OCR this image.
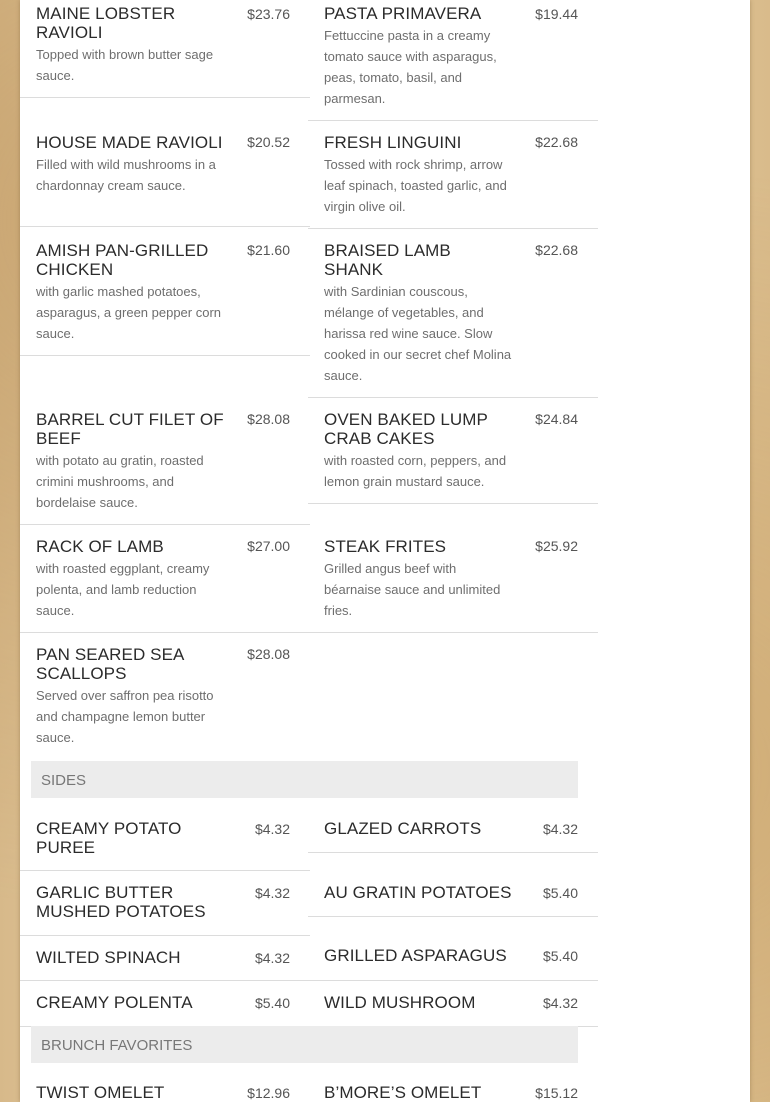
MAINE LOBSTER RAVIOLI
Topped with brown butter sage sauce.
$23.76
HOUSE MADE RAVIOLI
Filled with wild mushrooms in a chardonnay cream sauce.
$20.52
AMISH PAN-GRILLED CHICKEN
with garlic mashed potatoes, asparagus, a green pepper corn sauce.
$21.60
BARREL CUT FILET OF BEEF
with potato au gratin, roasted crimini mushrooms, and bordelaise sauce.
$28.08
RACK OF LAMB
with roasted eggplant, creamy polenta, and lamb reduction sauce.
$27.00
PAN SEARED SEA SCALLOPS
Served over saffron pea risotto and champagne lemon butter sauce.
$28.08
PASTA PRIMAVERA
Fettuccine pasta in a creamy tomato sauce with asparagus, peas, tomato, basil, and parmesan.
$19.44
FRESH LINGUINI
Tossed with rock shrimp, arrow leaf spinach, toasted garlic, and virgin olive oil.
$22.68
BRAISED LAMB SHANK
with Sardinian couscous, mélange of vegetables, and harissa red wine sauce. Slow cooked in our secret chef Molina sauce.
$22.68
OVEN BAKED LUMP CRAB CAKES
with roasted corn, peppers, and lemon grain mustard sauce.
$24.84
STEAK FRITES
Grilled angus beef with béarnaise sauce and unlimited fries.
$25.92
SIDES
CREAMY POTATO PUREE
$4.32
GARLIC BUTTER MUSHED POTATOES
$4.32
WILTED SPINACH	$4.32
CREAMY POLENTA	$5.40
GLAZED CARROTS	$4.32
AU GRATIN POTATOES	$5.40
GRILLED ASPARAGUS	$5.40
WILD MUSHROOM	$4.32
BRUNCH FAVORITES
TWIST OMELET	$12.96 B’MORE’S OMELET	$15.12
